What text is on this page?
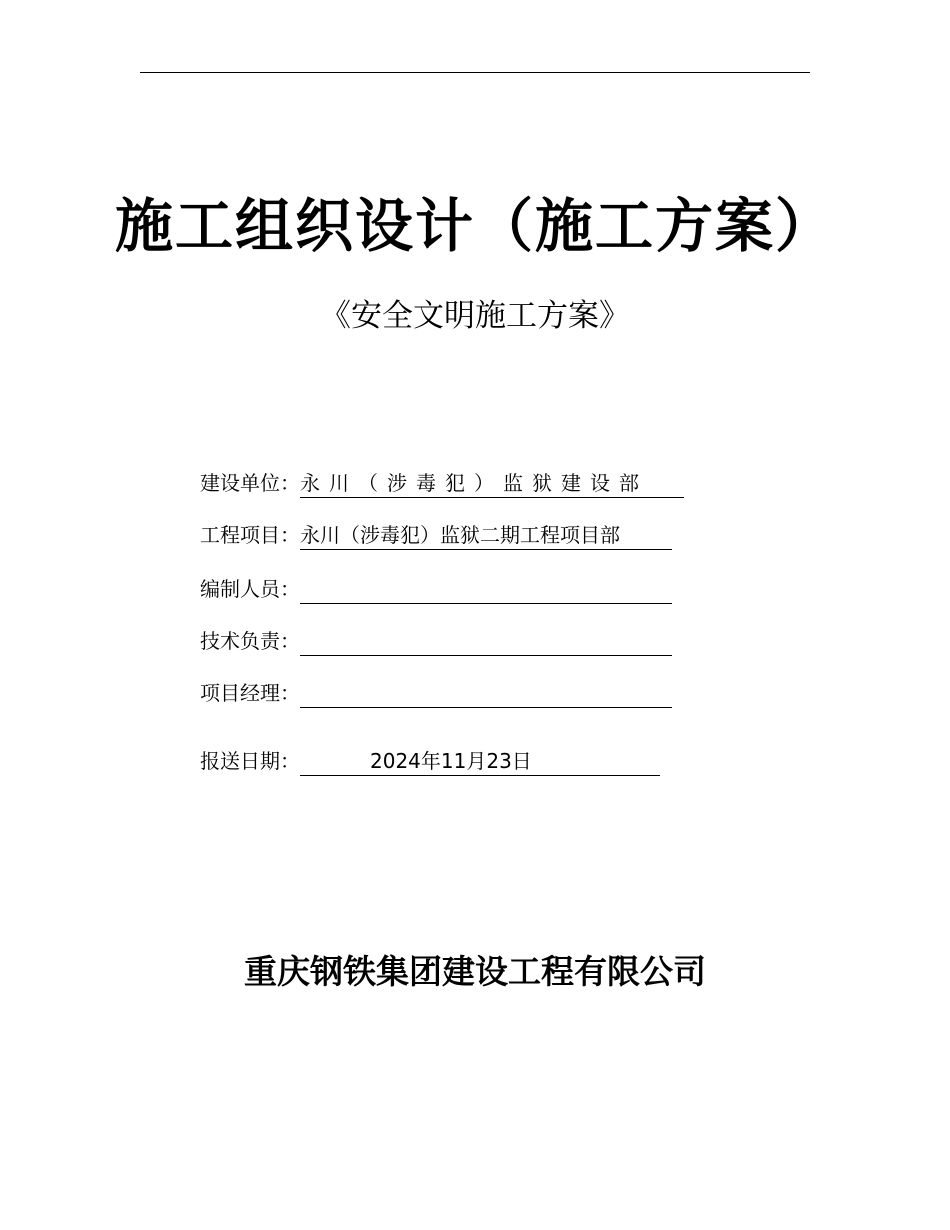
施工组织设计（施工方案）
《安全文明施工方案》
建设单位： 永川（涉毒犯）监狱建设部
工程项目： 永川（涉毒犯）监狱二期工程项目部
编制人员：
技术负责：
项目经理：
报送日期：	2024年11月23日
重庆钢铁集团建设工程有限公司
